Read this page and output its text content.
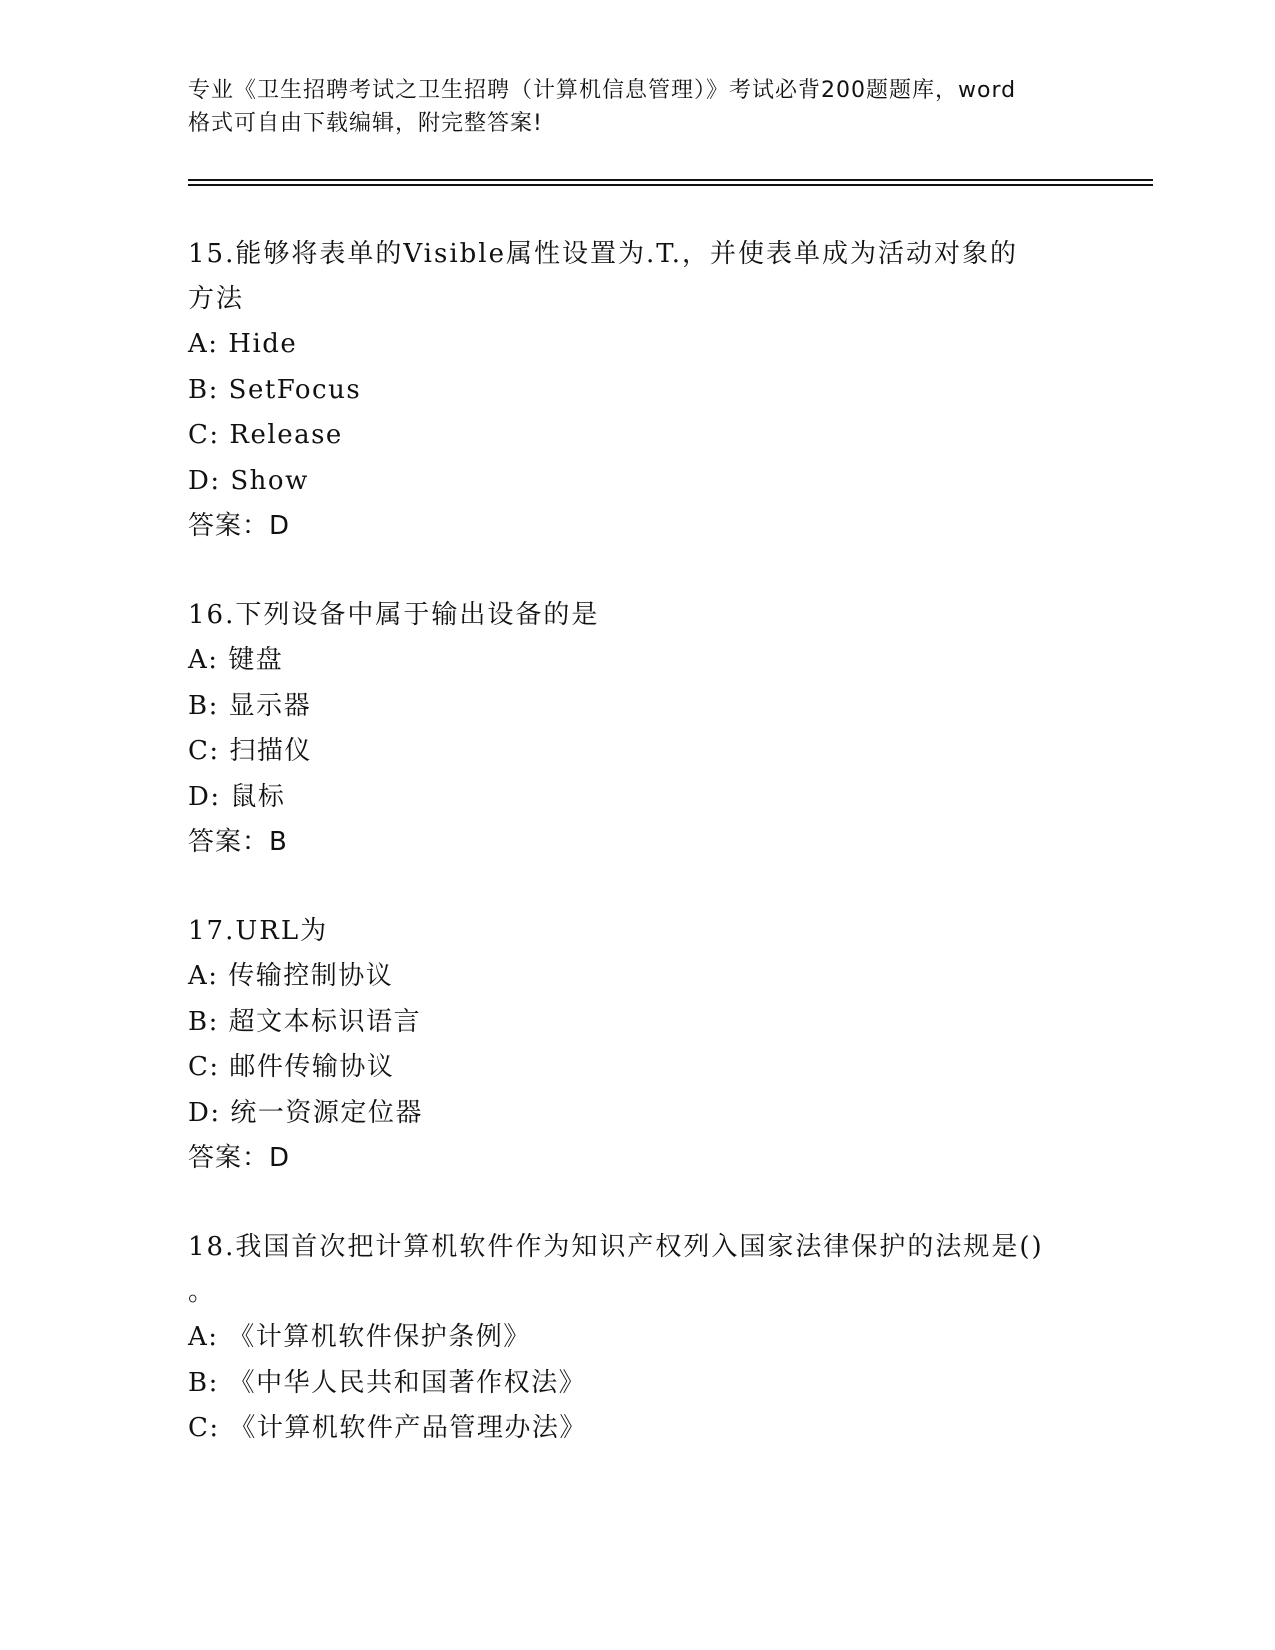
专业《卫生招聘考试之卫生招聘（计算机信息管理）》考试必背200题题库，word
格式可自由下载编辑，附完整答案!
15.能够将表单的Visible属性设置为.T.，并使表单成为活动对象的
方法
A: Hide
B: SetFocus
C: Release
D: Show
答案：D
16.下列设备中属于输出设备的是
A: 键盘
B: 显示器
C: 扫描仪
D: 鼠标
答案：B
17.URL为
A: 传输控制协议
B: 超文本标识语言
C: 邮件传输协议
D: 统一资源定位器
答案：D
18.我国首次把计算机软件作为知识产权列入国家法律保护的法规是()
。
A: 《计算机软件保护条例》
B: 《中华人民共和国著作权法》
C: 《计算机软件产品管理办法》
